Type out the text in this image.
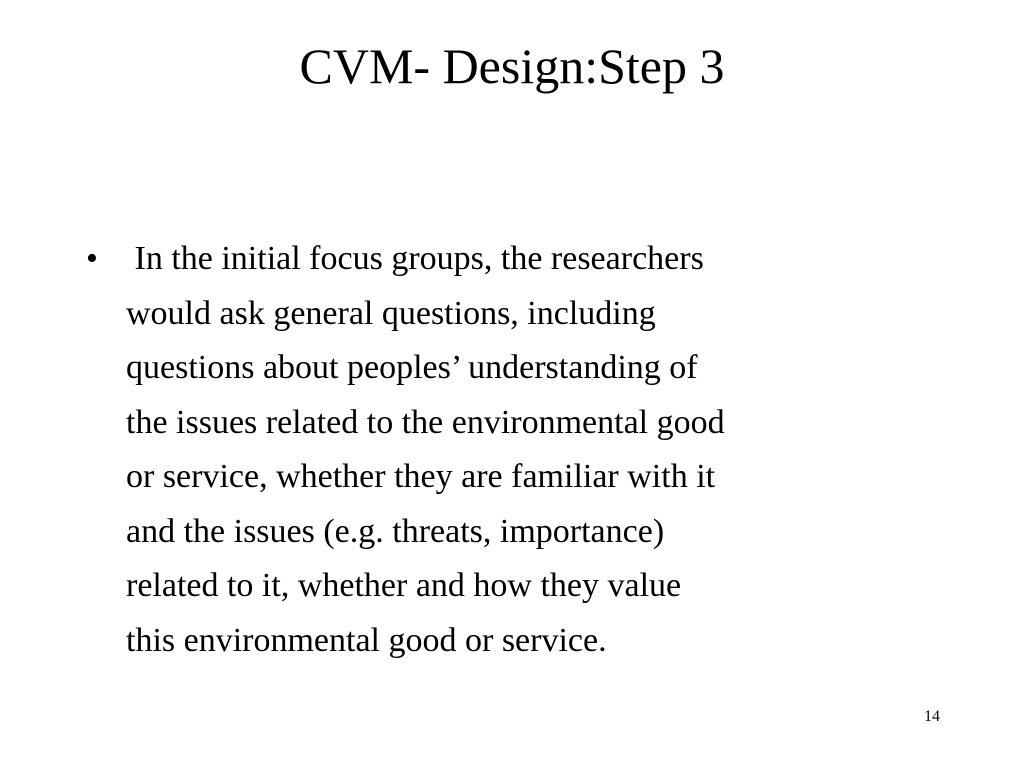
CVM- Design:Step 3
• In the initial focus groups, the researchers
would ask general questions, including
questions about peoples’ understanding of
the issues related to the environmental good
or service, whether they are familiar with it
and the issues (e.g. threats, importance)
related to it, whether and how they value
this environmental good or service.
14
